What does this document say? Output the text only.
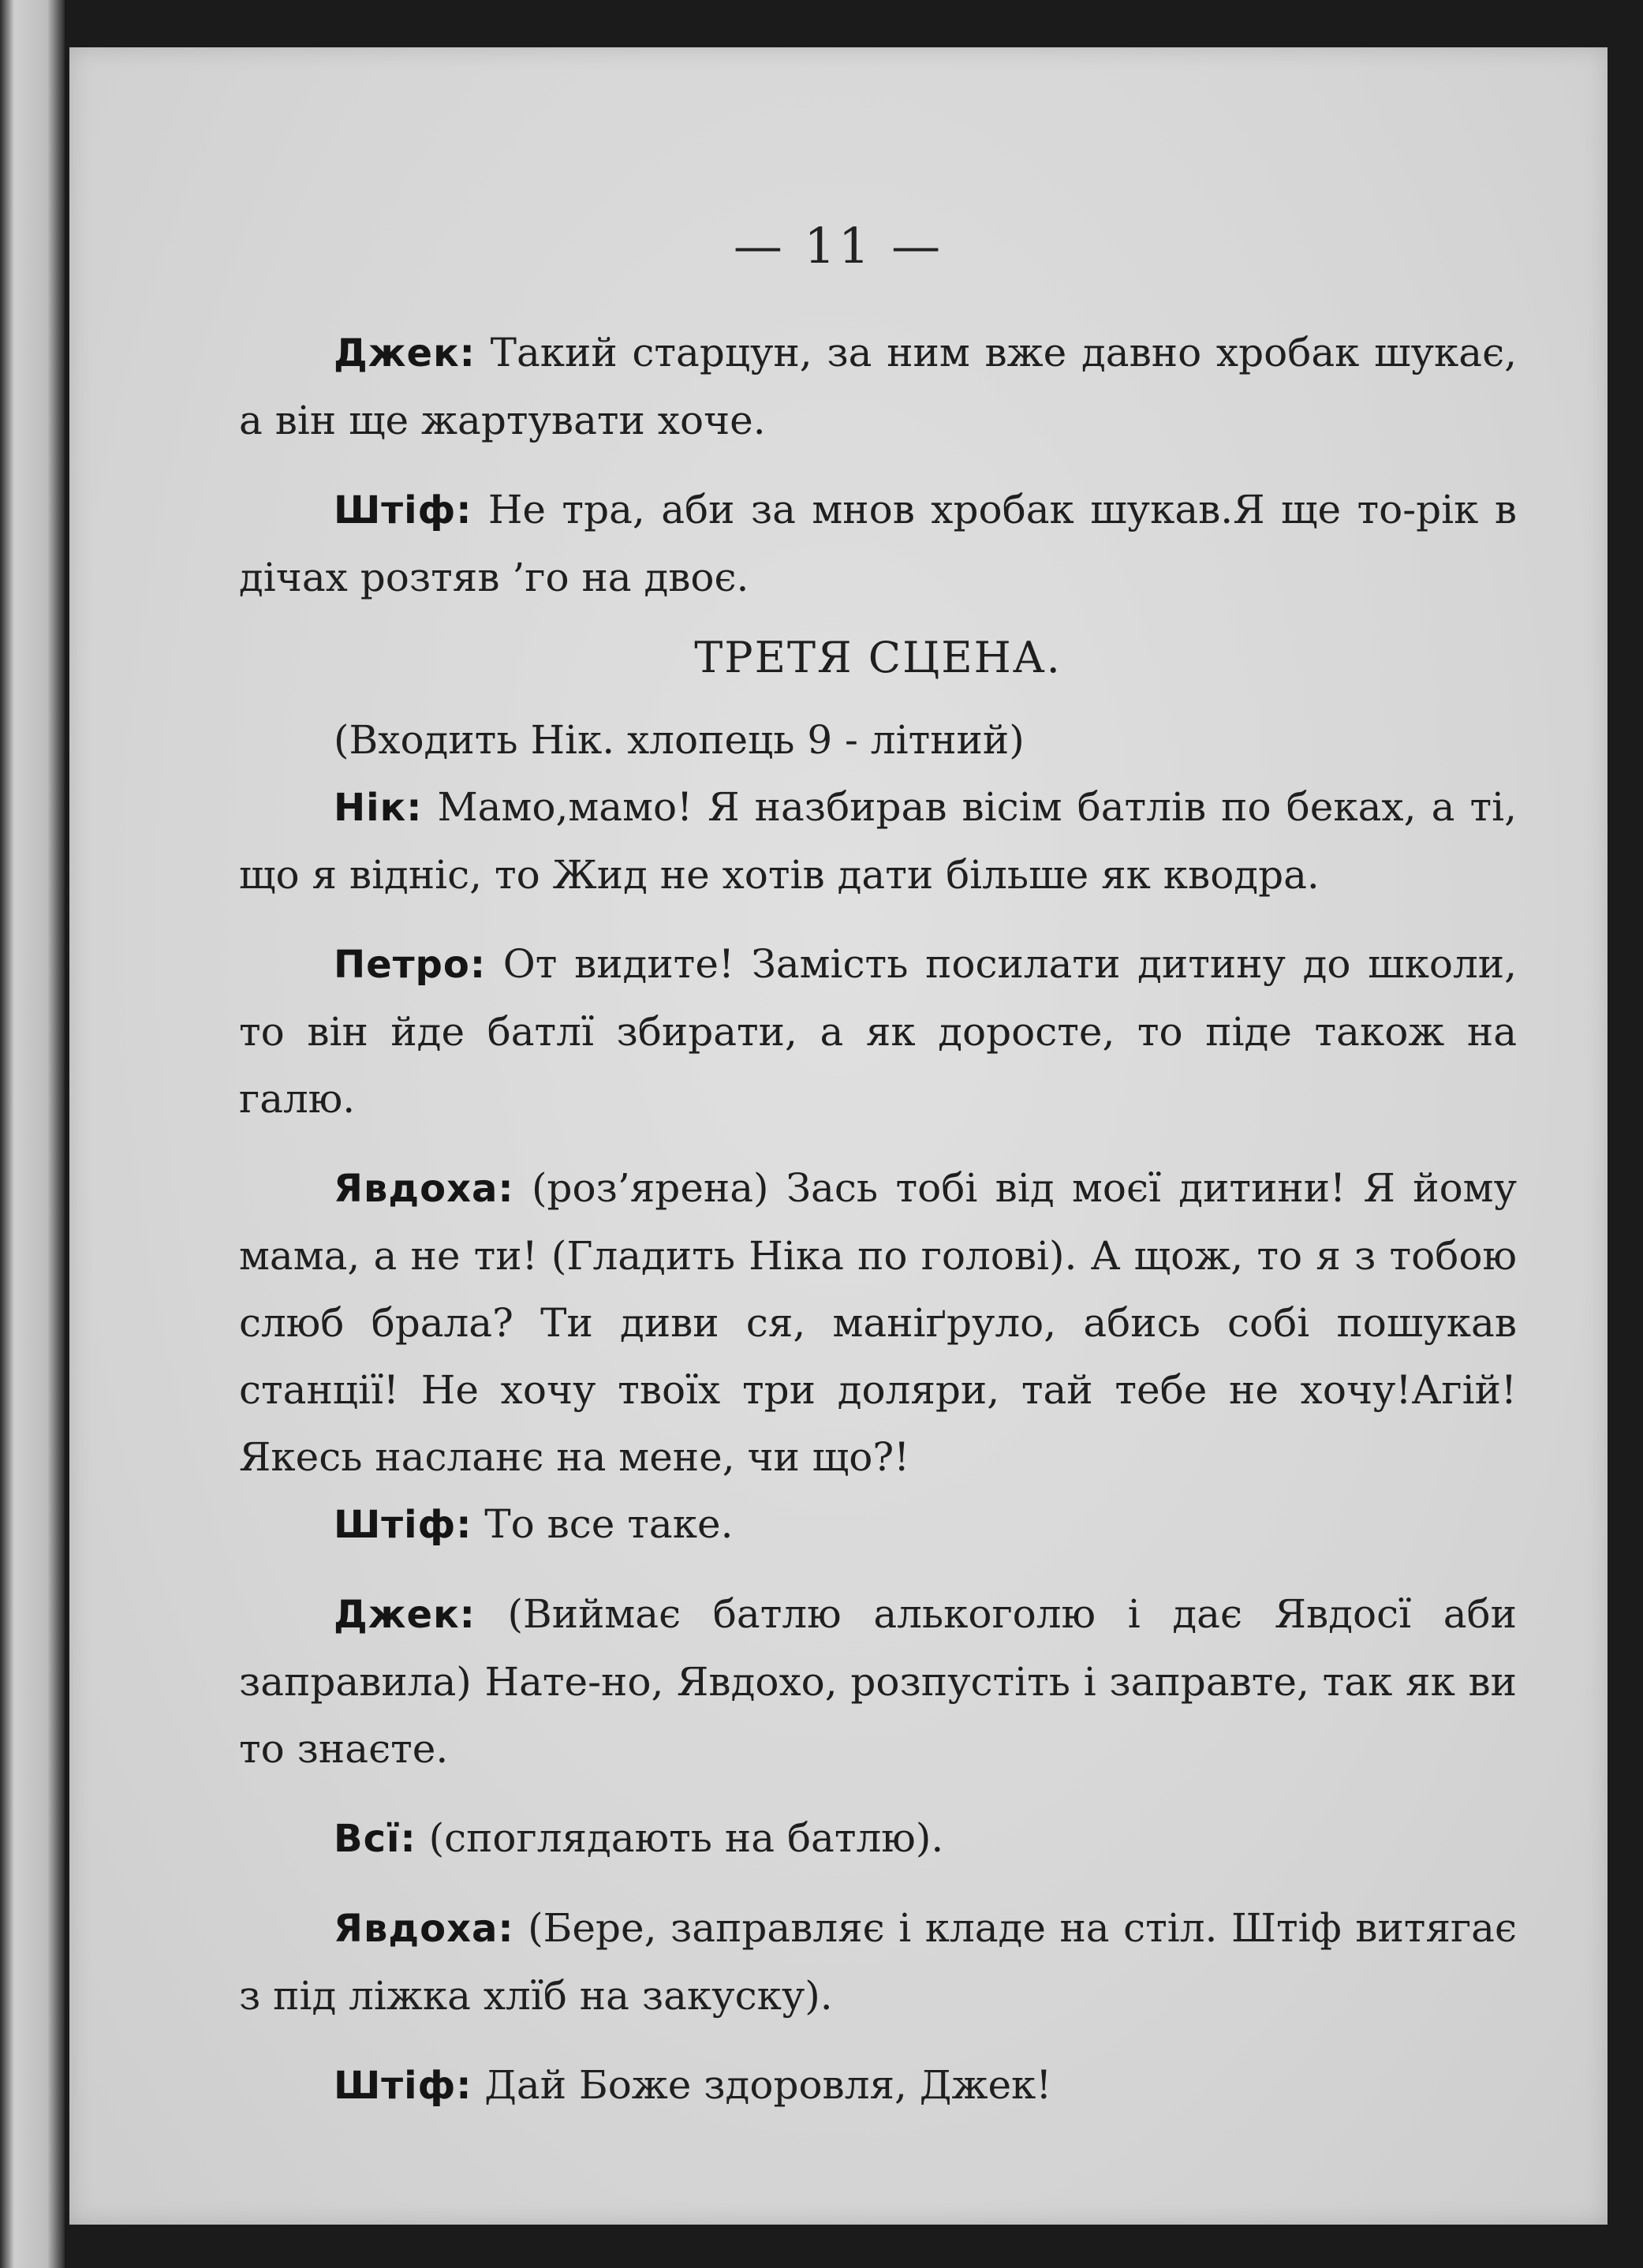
— 11 —

Джек: Такий старцун, за ним вже давно хробак шукає, а він ще жартувати хоче.

Штіф: Не тра, аби за мнов хробак шукав.Я ще то-рік в дічах розтяв ’го на двоє.

ТРЕТЯ СЦЕНА.

(Входить Нік. хлопець 9 - літний)

Нік: Мамо,мамо! Я назбирав вісім батлів по беках, а ті, що я відніс, то Жид не хотів дати більше як кводра.

Петро: От видите! Замість посилати дитину до школи, то він йде батлї збирати, а як дороcте, то піде також на галю.

Явдоха: (роз’ярена) Зась тобі від моєї дитини! Я йому мама, а не ти! (Гладить Ніка по голові). А щож, то я з тобою слюб брала? Ти диви ся, маніґруло, абись собі пошукав станції! Не хочу твоїх три доляри, тай тебе не хочу!Агій! Якесь насланє на мене, чи що?!

Штіф: То все таке.

Джек: (Виймає батлю алькоголю і дає Явдосї аби заправила) Нате-но, Явдохо, розпустіть і заправте, так як ви то знаєте.

Всї: (споглядають на батлю).

Явдоха: (Бере, заправляє і кладе на стіл. Штіф витягає з під ліжка хлїб на закуску).

Штіф: Дай Боже здоровля, Джек!
